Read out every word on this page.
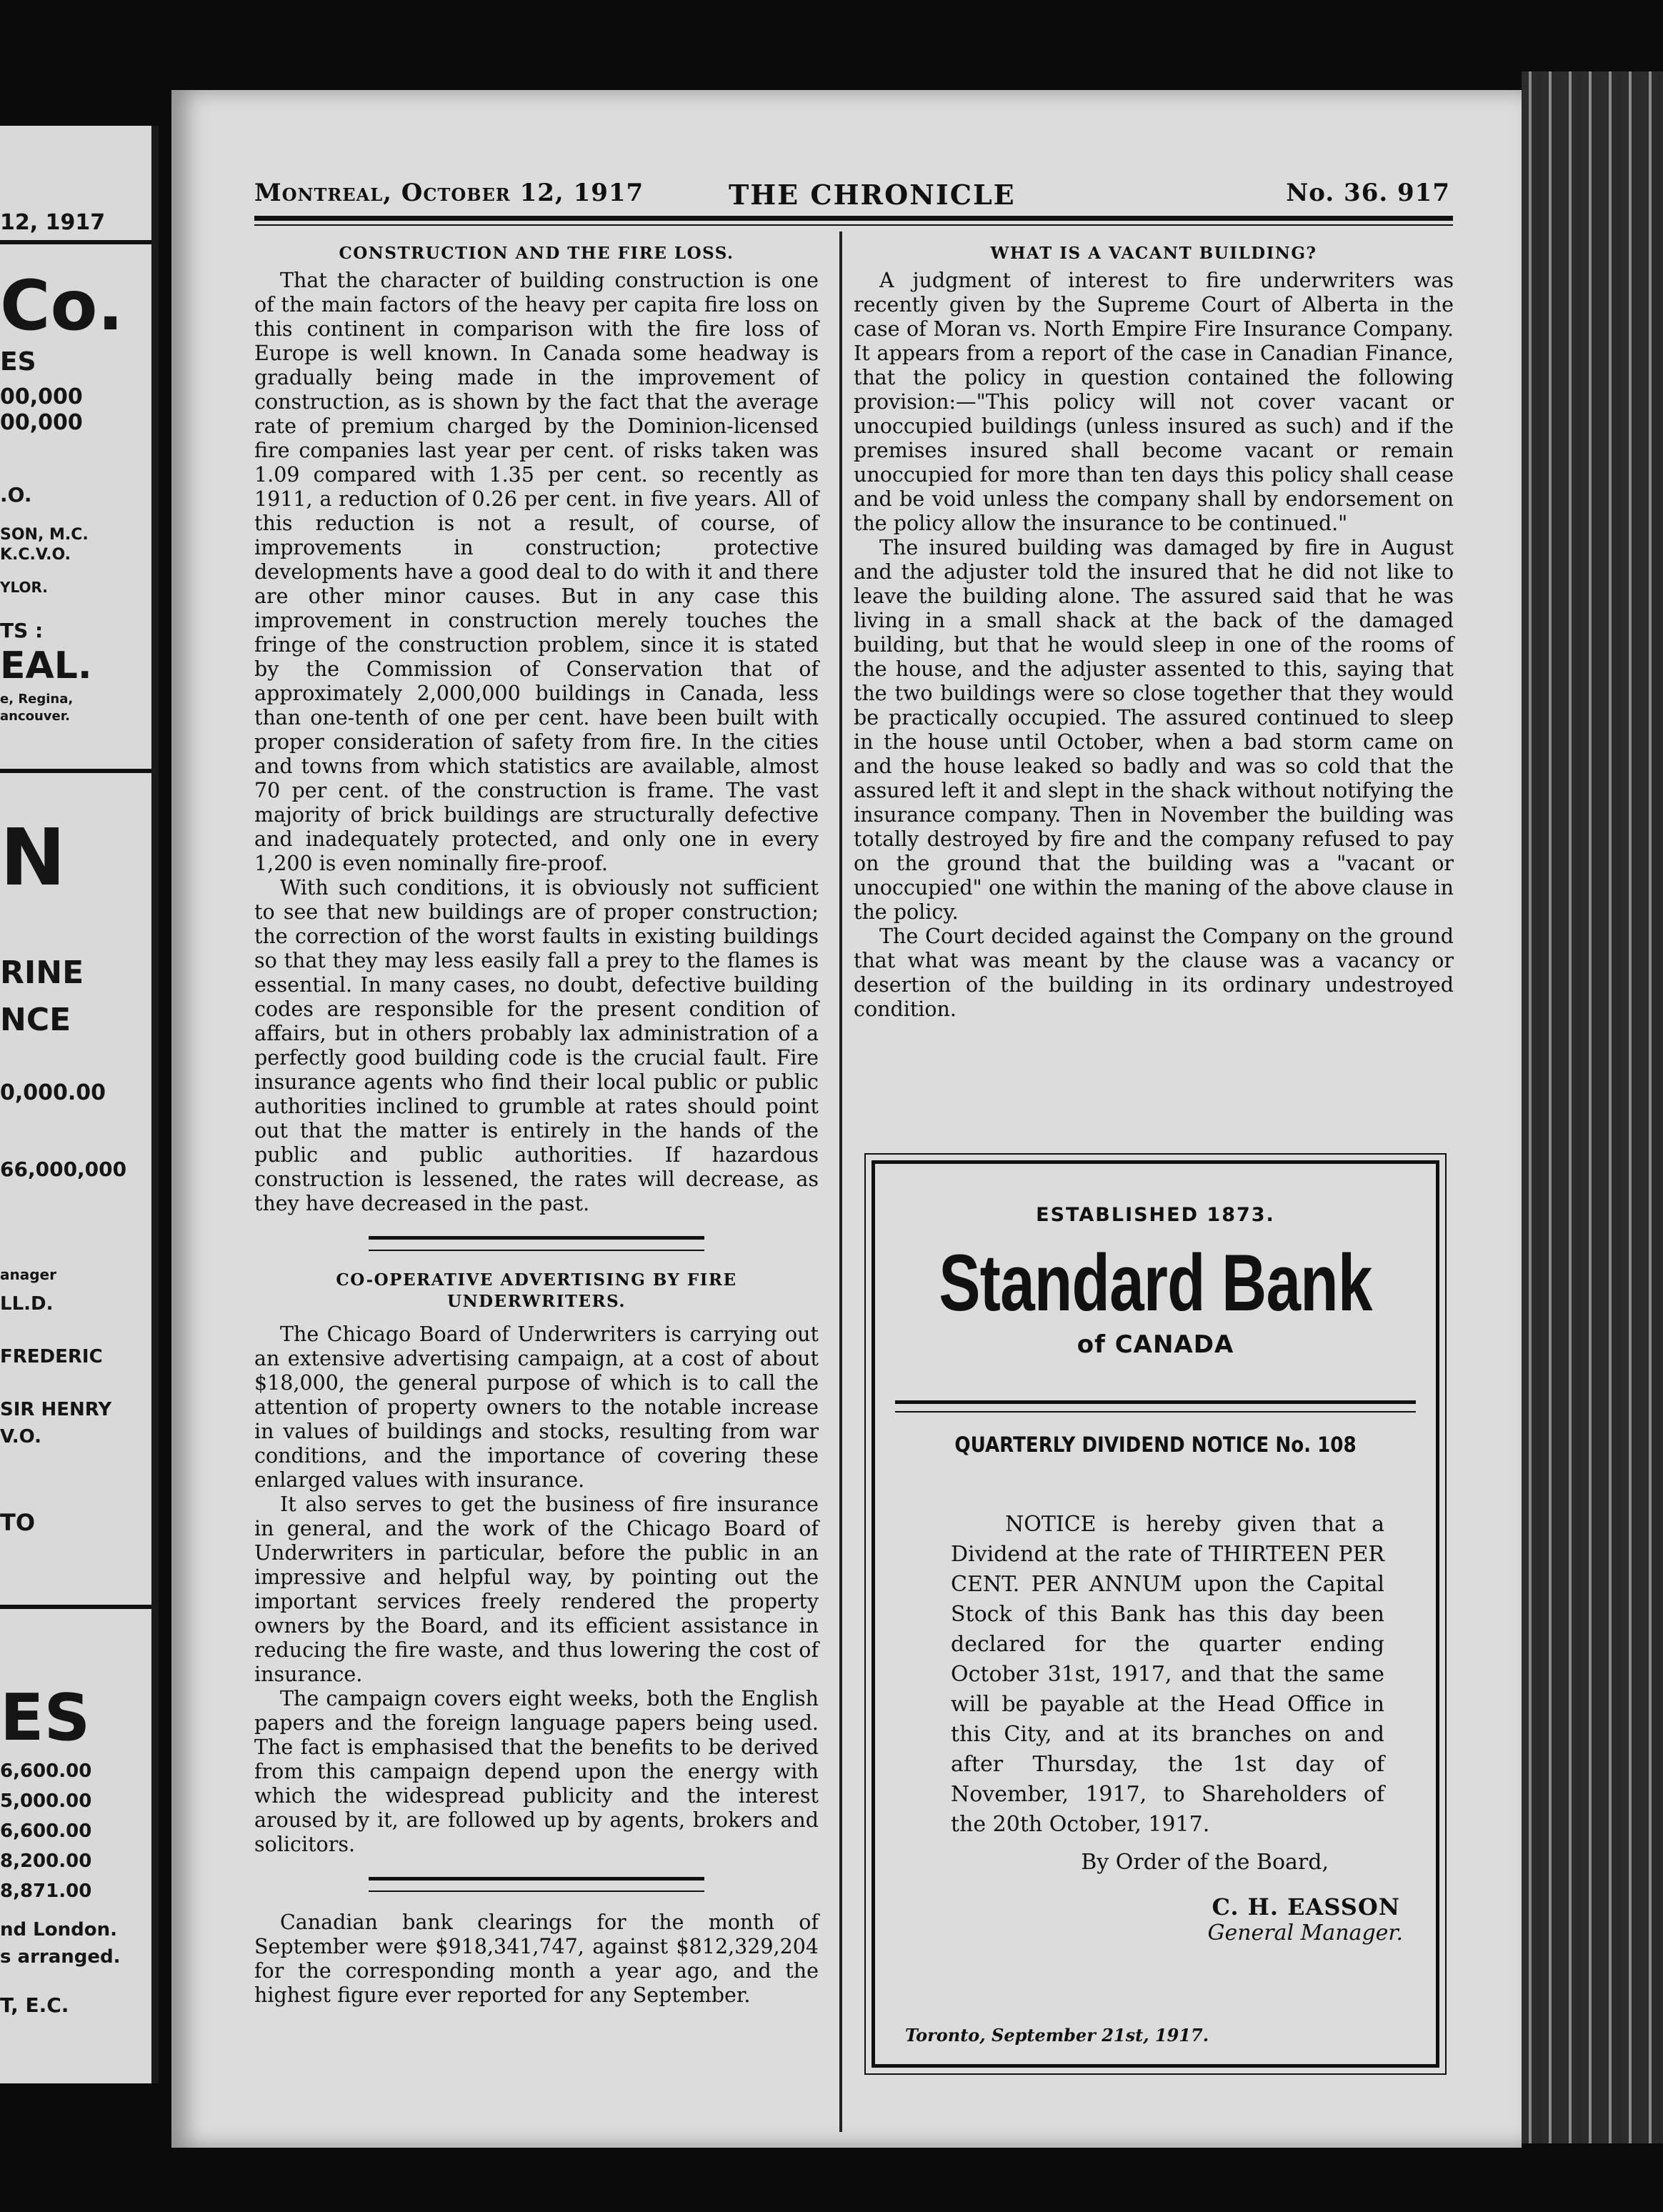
12, 1917
Co.
ES
00,000
00,000
.O.
SON, M.C.
K.C.V.O.
YLOR.
TS :
EAL.
e, Regina,
ancouver.
N
RINE
NCE
0,000.00
66,000,000
anager
LL.D.
FREDERIC
SIR HENRY
V.O.
TO
ES
6,600.00
5,000.00
6,600.00
8,200.00
8,871.00
nd London.
s arranged.
T, E.C.
Montreal, October 12, 1917	THE CHRONICLE	No. 36. 917
CONSTRUCTION AND THE FIRE LOSS.

That the character of building construction is one of the main factors of the heavy per capita fire loss on this continent in comparison with the fire loss of Europe is well known. In Canada some headway is gradually being made in the improvement of construction, as is shown by the fact that the average rate of premium charged by the Dominion-licensed fire companies last year per cent. of risks taken was 1.09 compared with 1.35 per cent. so recently as 1911, a reduction of 0.26 per cent. in five years. All of this reduction is not a result, of course, of improvements in construction; protective developments have a good deal to do with it and there are other minor causes. But in any case this improvement in construction merely touches the fringe of the construction problem, since it is stated by the Commission of Conservation that of approximately 2,000,000 buildings in Canada, less than one-tenth of one per cent. have been built with proper consideration of safety from fire. In the cities and towns from which statistics are available, almost 70 per cent. of the construction is frame. The vast majority of brick buildings are structurally defective and inadequately protected, and only one in every 1,200 is even nominally fire-proof.

With such conditions, it is obviously not sufficient to see that new buildings are of proper construction; the correction of the worst faults in existing buildings so that they may less easily fall a prey to the flames is essential. In many cases, no doubt, defective building codes are responsible for the present condition of affairs, but in others probably lax administration of a perfectly good building code is the crucial fault. Fire insurance agents who find their local public or public authorities inclined to grumble at rates should point out that the matter is entirely in the hands of the public and public authorities. If hazardous construction is lessened, the rates will decrease, as they have decreased in the past.

CO-OPERATIVE ADVERTISING BY FIRE UNDERWRITERS.

The Chicago Board of Underwriters is carrying out an extensive advertising campaign, at a cost of about $18,000, the general purpose of which is to call the attention of property owners to the notable increase in values of buildings and stocks, resulting from war conditions, and the importance of covering these enlarged values with insurance.

It also serves to get the business of fire insurance in general, and the work of the Chicago Board of Underwriters in particular, before the public in an impressive and helpful way, by pointing out the important services freely rendered the property owners by the Board, and its efficient assistance in reducing the fire waste, and thus lowering the cost of insurance.

The campaign covers eight weeks, both the English papers and the foreign language papers being used. The fact is emphasised that the benefits to be derived from this campaign depend upon the energy with which the widespread publicity and the interest aroused by it, are followed up by agents, brokers and solicitors.

Canadian bank clearings for the month of September were $918,341,747, against $812,329,204 for the corresponding month a year ago, and the highest figure ever reported for any September.

WHAT IS A VACANT BUILDING?

A judgment of interest to fire underwriters was recently given by the Supreme Court of Alberta in the case of Moran vs. North Empire Fire Insurance Company. It appears from a report of the case in Canadian Finance, that the policy in question contained the following provision:—"This policy will not cover vacant or unoccupied buildings (unless insured as such) and if the premises insured shall become vacant or remain unoccupied for more than ten days this policy shall cease and be void unless the company shall by endorsement on the policy allow the insurance to be continued."

The insured building was damaged by fire in August and the adjuster told the insured that he did not like to leave the building alone. The assured said that he was living in a small shack at the back of the damaged building, but that he would sleep in one of the rooms of the house, and the adjuster assented to this, saying that the two buildings were so close together that they would be practically occupied. The assured continued to sleep in the house until October, when a bad storm came on and the house leaked so badly and was so cold that the assured left it and slept in the shack without notifying the insurance company. Then in November the building was totally destroyed by fire and the company refused to pay on the ground that the building was a "vacant or unoccupied" one within the maning of the above clause in the policy.

The Court decided against the Company on the ground that what was meant by the clause was a vacancy or desertion of the building in its ordinary undestroyed condition.

ESTABLISHED 1873.
Standard Bank
of CANADA
QUARTERLY DIVIDEND NOTICE No. 108
NOTICE is hereby given that a Dividend at the rate of THIRTEEN PER CENT. PER ANNUM upon the Capital Stock of this Bank has this day been declared for the quarter ending October 31st, 1917, and that the same will be payable at the Head Office in this City, and at its branches on and after Thursday, the 1st day of November, 1917, to Shareholders of the 20th October, 1917.
By Order of the Board,
C. H. EASSON
General Manager.
Toronto, September 21st, 1917.
